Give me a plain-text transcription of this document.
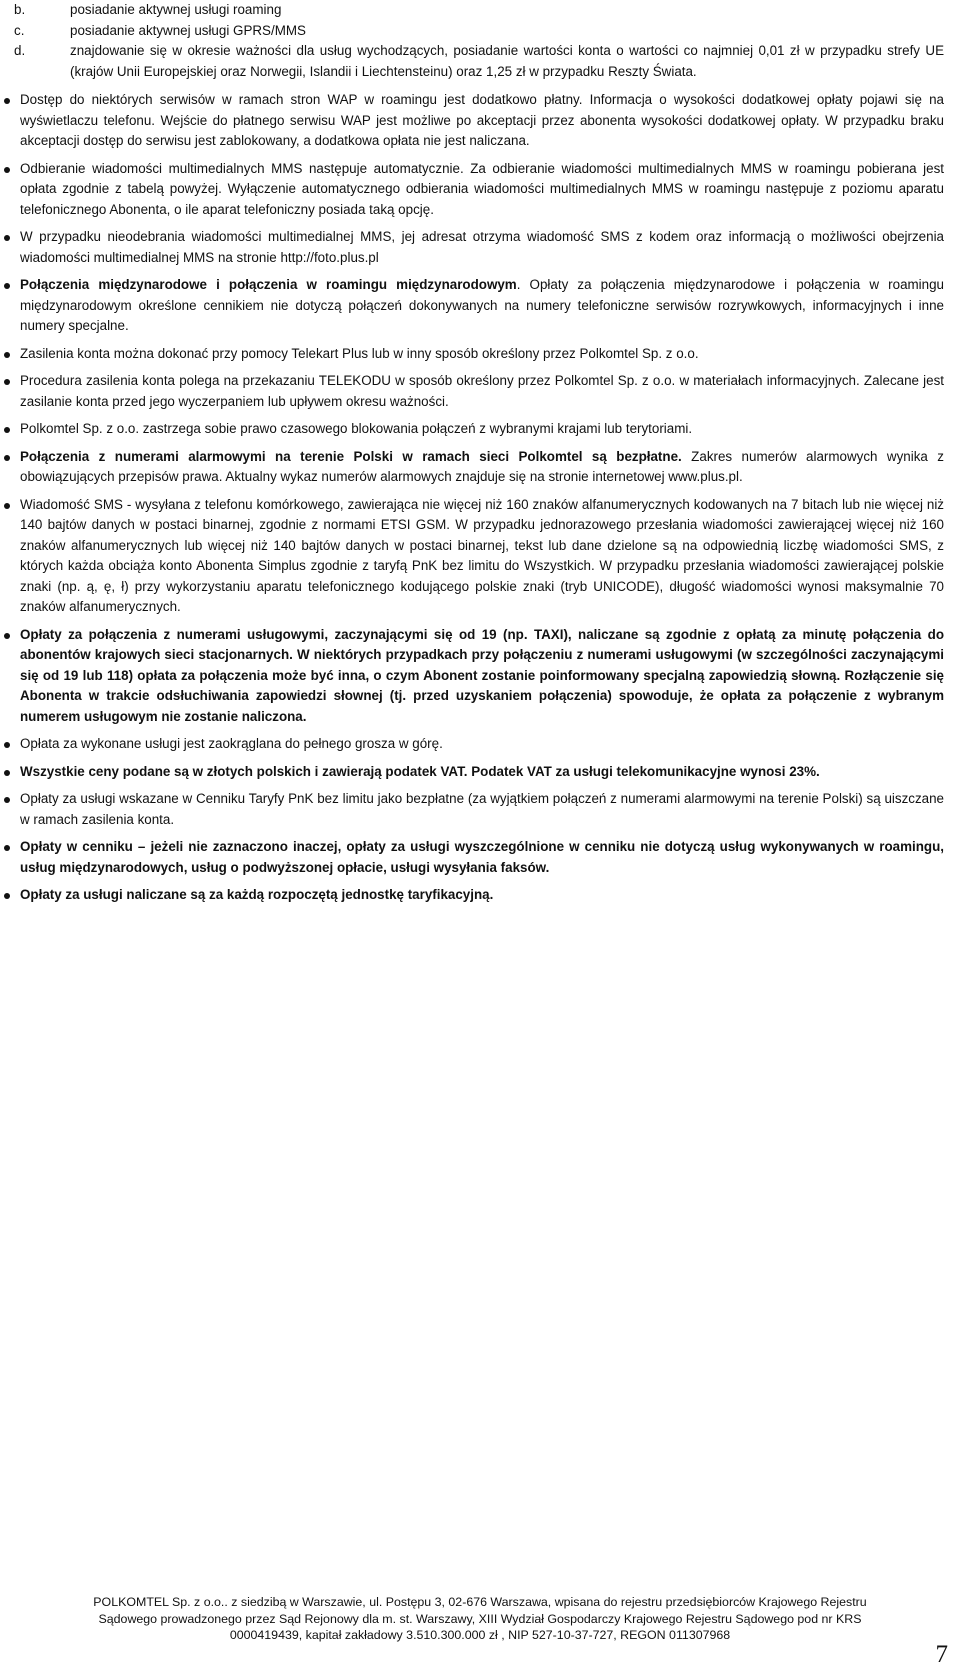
b.	posiadanie aktywnej usługi roaming
c.	posiadanie aktywnej usługi GPRS/MMS
d.	znajdowanie się w okresie ważności dla usług wychodzących, posiadanie wartości konta o wartości co najmniej 0,01 zł w przypadku strefy UE (krajów Unii Europejskiej oraz Norwegii, Islandii i Liechtensteinu) oraz 1,25 zł w przypadku Reszty Świata.
Dostęp do niektórych serwisów w ramach stron WAP w roamingu jest dodatkowo płatny. Informacja o wysokości dodatkowej opłaty pojawi się na wyświetlaczu telefonu. Wejście do płatnego serwisu WAP jest możliwe po akceptacji przez abonenta wysokości dodatkowej opłaty. W przypadku braku akceptacji dostęp do serwisu jest zablokowany, a dodatkowa opłata nie jest naliczana.
Odbieranie wiadomości multimedialnych MMS następuje automatycznie. Za odbieranie wiadomości multimedialnych MMS w roamingu pobierana jest opłata zgodnie z tabelą powyżej. Wyłączenie automatycznego odbierania wiadomości multimedialnych MMS w roamingu następuje z poziomu aparatu telefonicznego Abonenta, o ile aparat telefoniczny posiada taką opcję.
W przypadku nieodebrania wiadomości multimedialnej MMS, jej adresat otrzyma wiadomość SMS z kodem oraz informacją o możliwości obejrzenia wiadomości multimedialnej MMS na stronie http://foto.plus.pl
Połączenia międzynarodowe i połączenia w roamingu międzynarodowym. Opłaty za połączenia międzynarodowe i połączenia w roamingu międzynarodowym określone cennikiem nie dotyczą połączeń dokonywanych na numery telefoniczne serwisów rozrywkowych, informacyjnych i inne numery specjalne.
Zasilenia konta można dokonać przy pomocy Telekart Plus lub w inny sposób określony przez Polkomtel Sp. z o.o.
Procedura zasilenia konta polega na przekazaniu TELEKODU w sposób określony przez Polkomtel Sp. z o.o. w materiałach informacyjnych. Zalecane jest zasilanie konta przed jego wyczerpaniem lub upływem okresu ważności.
Polkomtel Sp. z o.o. zastrzega sobie prawo czasowego blokowania połączeń z wybranymi krajami lub terytoriami.
Połączenia z numerami alarmowymi na terenie Polski w ramach sieci Polkomtel są bezpłatne. Zakres numerów alarmowych wynika z obowiązujących przepisów prawa. Aktualny wykaz numerów alarmowych znajduje się na stronie internetowej www.plus.pl.
Wiadomość SMS - wysyłana z telefonu komórkowego, zawierająca nie więcej niż 160 znaków alfanumerycznych kodowanych na 7 bitach lub nie więcej niż 140 bajtów danych w postaci binarnej, zgodnie z normami ETSI GSM. W przypadku jednorazowego przesłania wiadomości zawierającej więcej niż 160 znaków alfanumerycznych lub więcej niż 140 bajtów danych w postaci binarnej, tekst lub dane dzielone są na odpowiednią liczbę wiadomości SMS, z których każda obciąża konto Abonenta Simplus zgodnie z taryfą PnK bez limitu do Wszystkich. W przypadku przesłania wiadomości zawierającej polskie znaki (np. ą, ę, ł) przy wykorzystaniu aparatu telefonicznego kodującego polskie znaki (tryb UNICODE), długość wiadomości wynosi maksymalnie 70 znaków alfanumerycznych.
Opłaty za połączenia z numerami usługowymi, zaczynającymi się od 19 (np. TAXI), naliczane są zgodnie z opłatą za minutę połączenia do abonentów krajowych sieci stacjonarnych. W niektórych przypadkach przy połączeniu z numerami usługowymi (w szczególności zaczynającymi się od 19 lub 118) opłata za połączenia może być inna, o czym Abonent zostanie poinformowany specjalną zapowiedzią słowną. Rozłączenie się Abonenta w trakcie odsłuchiwania zapowiedzi słownej (tj. przed uzyskaniem połączenia) spowoduje, że opłata za połączenie z wybranym numerem usługowym nie zostanie naliczona.
Opłata za wykonane usługi jest zaokrąglana do pełnego grosza w górę.
Wszystkie ceny podane są w złotych polskich i zawierają podatek VAT. Podatek VAT za usługi telekomunikacyjne wynosi 23%.
Opłaty za usługi wskazane w Cenniku Taryfy PnK bez limitu jako bezpłatne (za wyjątkiem połączeń z numerami alarmowymi na terenie Polski) są uiszczane w ramach zasilenia konta.
Opłaty w cenniku – jeżeli nie zaznaczono inaczej, opłaty za usługi wyszczególnione w cenniku nie dotyczą usług wykonywanych w roamingu, usług międzynarodowych, usług o podwyższonej opłacie, usługi wysyłania faksów.
Opłaty za usługi naliczane są za każdą rozpoczętą jednostkę taryfikacyjną.
POLKOMTEL Sp. z o.o.. z siedzibą w Warszawie, ul. Postępu 3, 02-676 Warszawa, wpisana do rejestru przedsiębiorców Krajowego Rejestru
Sądowego prowadzonego przez Sąd Rejonowy dla m. st. Warszawy, XIII Wydział Gospodarczy Krajowego Rejestru Sądowego pod nr KRS
0000419439, kapitał zakładowy 3.510.300.000 zł , NIP 527-10-37-727, REGON 011307968
7
